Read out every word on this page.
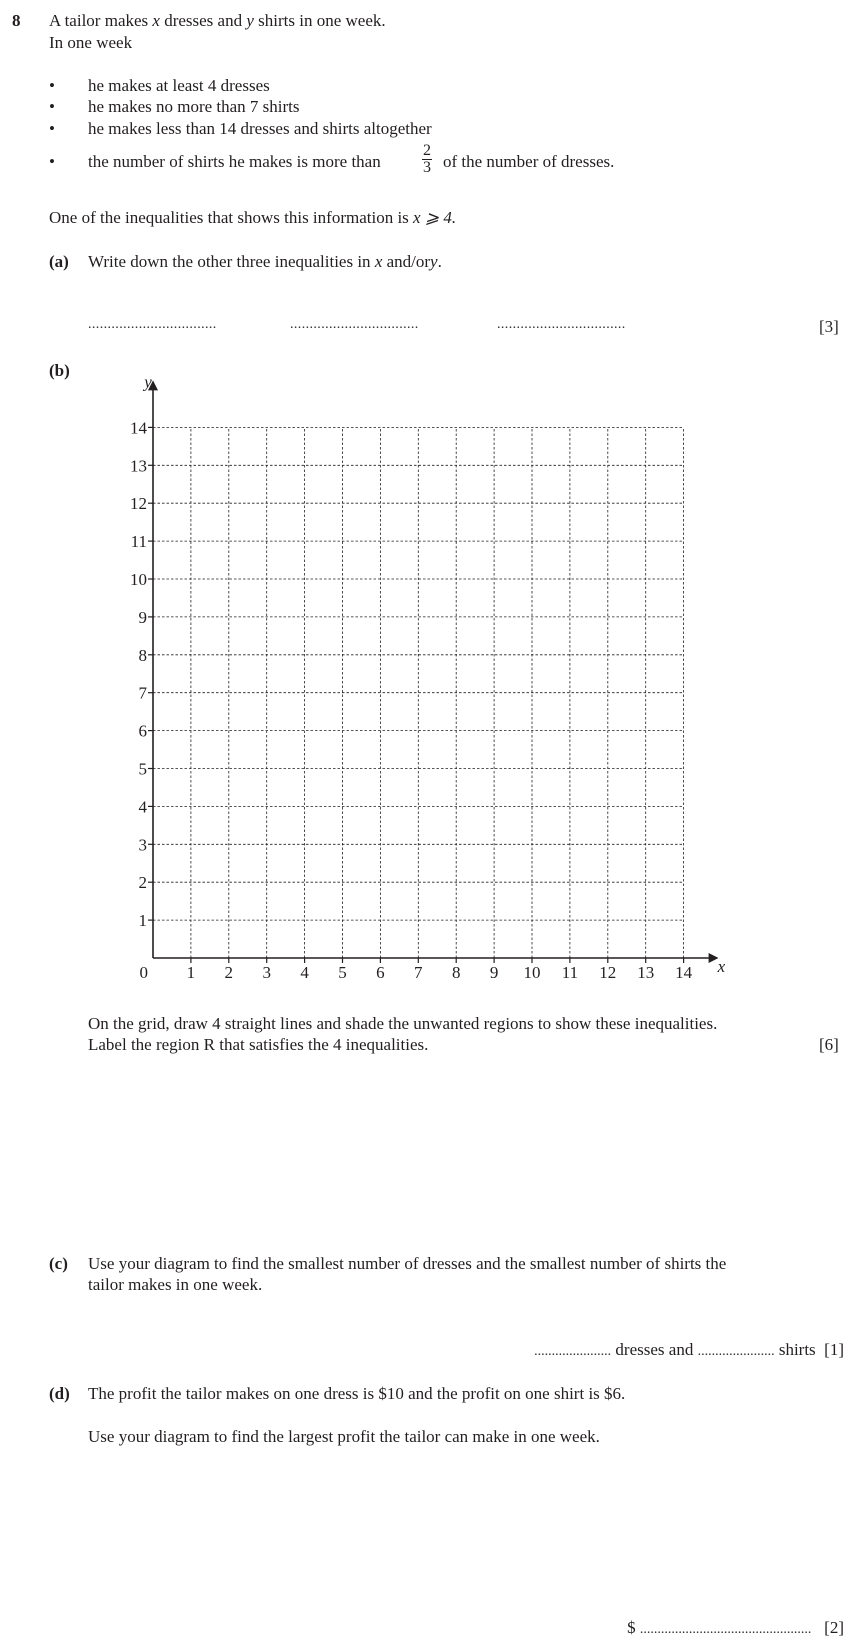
8 A tailor makes x dresses and y shirts in one week.
In one week
• he makes at least 4 dresses
• he makes no more than 7 shirts
• he makes less than 14 dresses and shirts altogether
• the number of shirts he makes is more than	$\frac{2}{3}$ of the number of dresses.
One of the inequalities that shows this information is x ⩾ 4.
(a) Write down the other three inequalities in x and/ory.
.................................	.................................	.................................	[3]
(b)
0 1 2 3 4 5 6 7 8 9 10 11 12 13 14
1
2
3
4
5
6
7
8
9
10
11
12
13
14
x
y
On the grid, draw 4 straight lines and shade the unwanted regions to show these inequalities.
Label the region R that satisfies the 4 inequalities.	[6]
(c) Use your diagram to find the smallest number of dresses and the smallest number of shirts the
tailor makes in one week.
...................... dresses and ...................... shirts [1]
(d) The profit the tailor makes on one dress is $10 and the profit on one shirt is $6.
Use your diagram to find the largest profit the tailor can make in one week.
$ ................................................. [2]
